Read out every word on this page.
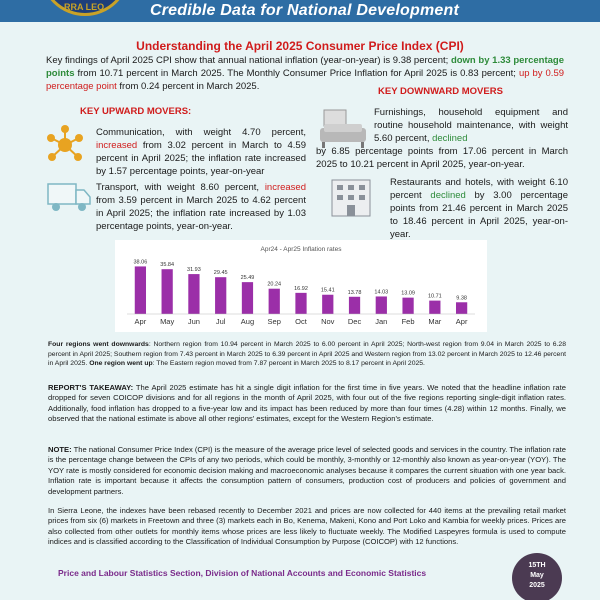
RRA LEO	Credible Data for National Development
Understanding the April 2025 Consumer Price Index (CPI)
Key findings of April 2025 CPI show that annual national inflation (year-on-year) is 9.38 percent; down by 1.33 percentage points from 10.71 percent in March 2025. The Monthly Consumer Price Inflation for April 2025 is 0.83 percent; up by 0.59 percentage point from 0.24 percent in March 2025.
KEY UPWARD MOVERS:
Communication, with weight 4.70 percent, increased from 3.02 percent in March to 4.59 percent in April 2025; the inflation rate increased by 1.57 percentage points, year-on-year
Transport, with weight 8.60 percent, increased from 3.59 percent in March 2025 to 4.62 percent in April 2025; the inflation rate increased by 1.03 percentage points, year-on-year.
KEY DOWNWARD MOVERS
Furnishings, household equipment and routine household maintenance, with weight 5.60 percent, declined
by 6.85 percentage points from 17.06 percent in March 2025 to 10.21 percent in April 2025, year-on-year.
Restaurants and hotels, with weight 6.10 percent declined by 3.00 percentage points from 21.46 percent in March 2025 to 18.46 percent in April 2025, year-on-year.
Apr24 - Apr25 Inflation rates
38.06
Apr
35.84
May
31.93
Jun
29.45
Jul
25.49
Aug
20.24
Sep
16.92
Oct
15.41
Nov
13.78
Dec
14.03
Jan
13.09
Feb
10.71
Mar
9.38
Apr
Four regions went downwards: Northern region from 10.94 percent in March 2025 to 6.00 percent in April 2025; North-west region from 9.04 in March 2025 to 6.28 percent in April 2025; Southern region from 7.43 percent in March 2025 to 6.39 percent in April 2025 and Western region from 13.02 percent in March 2025 to 12.46 percent in April 2025. One region went up: The Eastern region moved from 7.87 percent in March 2025 to 8.17 percent in April 2025.
REPORT'S TAKEAWAY: The April 2025 estimate has hit a single digit inflation for the first time in five years. We noted that the headline inflation rate dropped for seven COICOP divisions and for all regions in the month of April 2025, with four out of the five regions reporting single-digit inflation rates. Additionally, food inflation has dropped to a five-year low and its impact has been reduced by more than four times (4.28) within 12 months. Finally, we observed that the national estimate is above all other regions' estimates, except for the Western Region's estimate.
NOTE: The national Consumer Price Index (CPI) is the measure of the average price level of selected goods and services in the country. The inflation rate is the percentage change between the CPIs of any two periods, which could be monthly, 3-monthly or 12-monthly also known as year-on-year (YOY). The YOY rate is mostly considered for economic decision making and macroeconomic analyses because it compares the current situation with one year back. Inflation rate is important because it affects the consumption pattern of consumers, production cost of producers and policies of government and development partners.
In Sierra Leone, the indexes have been rebased recently to December 2021 and prices are now collected for 440 items at the prevailing retail market prices from six (6) markets in Freetown and three (3) markets each in Bo, Kenema, Makeni, Kono and Port Loko and Kambia for weekly prices. Prices are also collected from other outlets for monthly items whose prices are less likely to fluctuate weekly. The Modified Laspeyres formula is used to compute indices and is classified according to the Classification of Individual Consumption by Purpose (COICOP) with 12 functions.
Price and Labour Statistics Section, Division of National Accounts and Economic Statistics
15TH
May
2025
